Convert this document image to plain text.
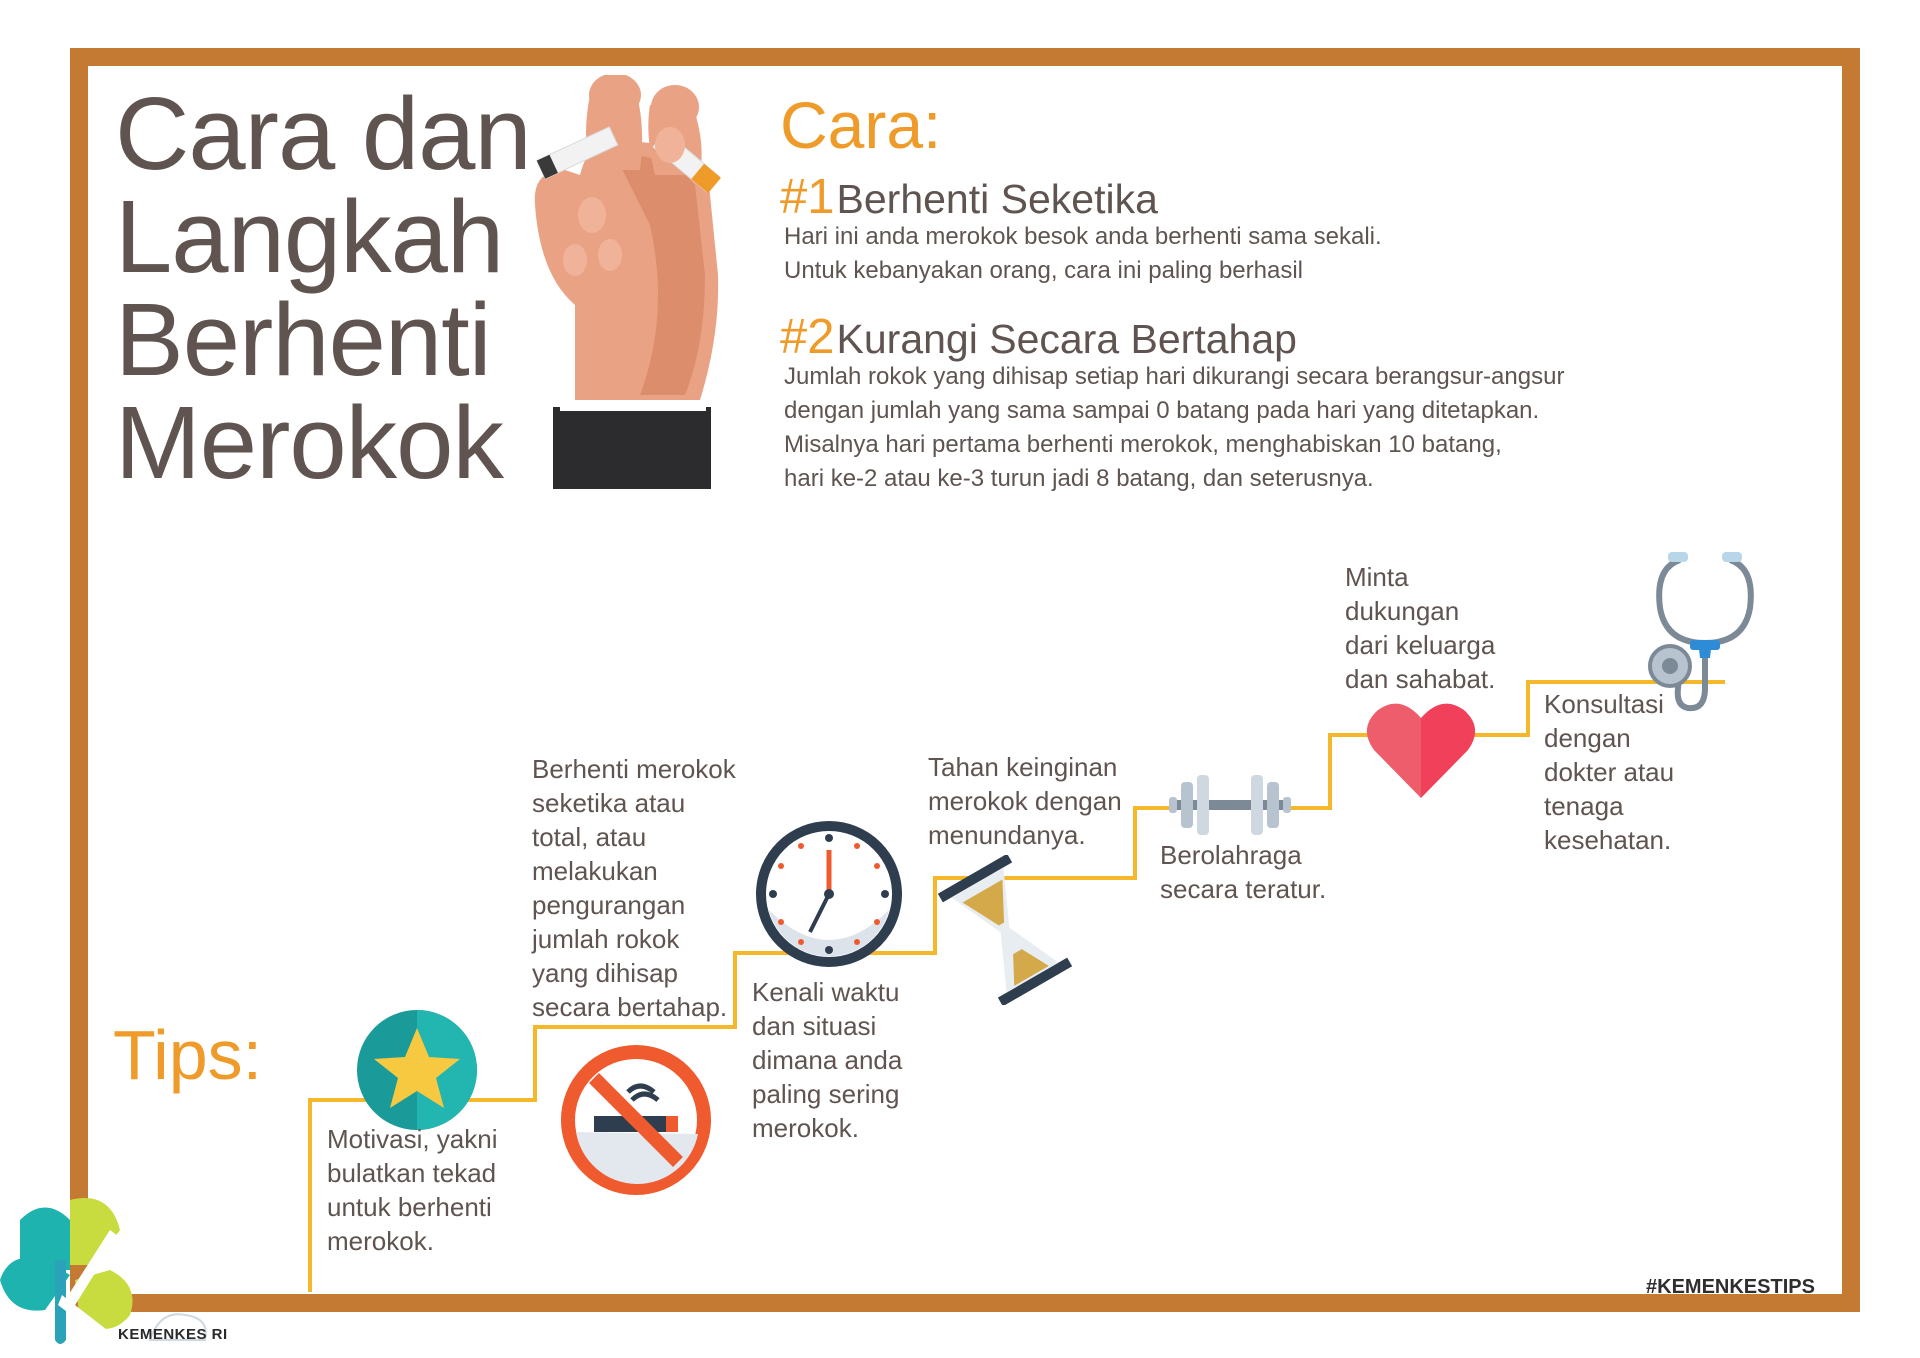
Cara dan
Langkah
Berhenti
Merokok
Cara:
#1Berhenti Seketika
Hari ini anda merokok besok anda berhenti sama sekali.
Untuk kebanyakan orang, cara ini paling berhasil
#2Kurangi Secara Bertahap
Jumlah rokok yang dihisap setiap hari dikurangi secara berangsur-angsur
dengan jumlah yang sama sampai 0 batang pada hari yang ditetapkan.
Misalnya hari pertama berhenti merokok, menghabiskan 10 batang,
hari ke-2 atau ke-3 turun jadi 8 batang, dan seterusnya.
Tips:
Motivasi, yakni
bulatkan tekad
untuk berhenti
merokok.
Berhenti merokok
seketika atau
total, atau
melakukan
pengurangan
jumlah rokok
yang dihisap
secara bertahap. Kenali waktu
dan situasi
dimana anda
paling sering
merokok.
Tahan keinginan
merokok dengan
menundanya.
Berolahraga
secara teratur.
Minta
dukungan
dari keluarga
dan sahabat.
Konsultasi
dengan
dokter atau
tenaga
kesehatan.
#KEMENKESTIPS
KEMENKES RI
